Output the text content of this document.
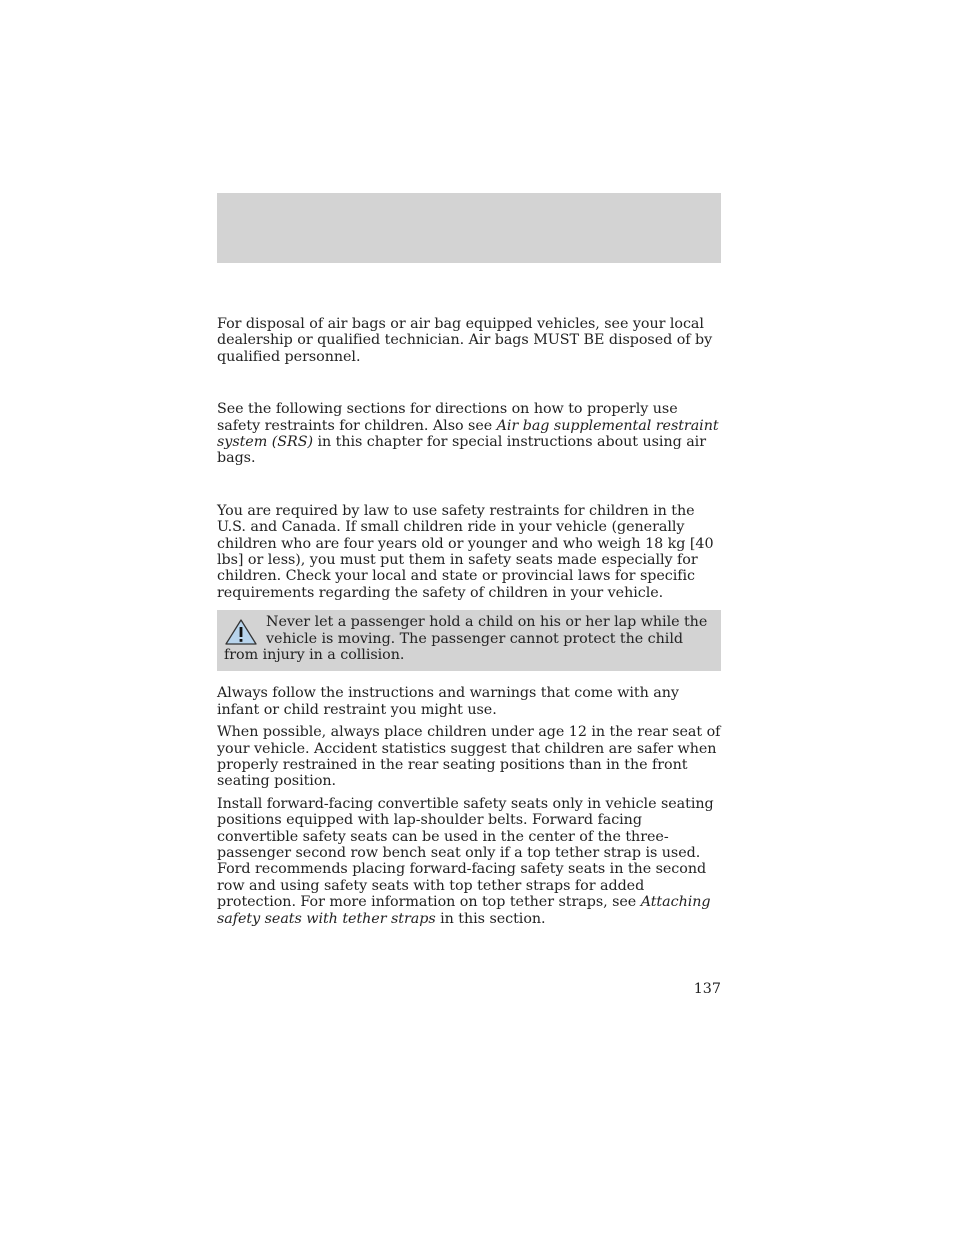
For disposal of air bags or air bag equipped vehicles, see your local dealership or qualified technician. Air bags MUST BE disposed of by qualified personnel.

See the following sections for directions on how to properly use safety restraints for children. Also see Air bag supplemental restraint system (SRS) in this chapter for special instructions about using air bags.

You are required by law to use safety restraints for children in the U.S. and Canada. If small children ride in your vehicle (generally children who are four years old or younger and who weigh 18 kg [40 lbs] or less), you must put them in safety seats made especially for children. Check your local and state or provincial laws for specific requirements regarding the safety of children in your vehicle.

Never let a passenger hold a child on his or her lap while the vehicle is moving. The passenger cannot protect the child from injury in a collision.

Always follow the instructions and warnings that come with any infant or child restraint you might use.

When possible, always place children under age 12 in the rear seat of your vehicle. Accident statistics suggest that children are safer when properly restrained in the rear seating positions than in the front seating position.

Install forward-facing convertible safety seats only in vehicle seating positions equipped with lap-shoulder belts. Forward facing convertible safety seats can be used in the center of the three-passenger second row bench seat only if a top tether strap is used. Ford recommends placing forward-facing safety seats in the second row and using safety seats with top tether straps for added protection. For more information on top tether straps, see Attaching safety seats with tether straps in this section.

137
